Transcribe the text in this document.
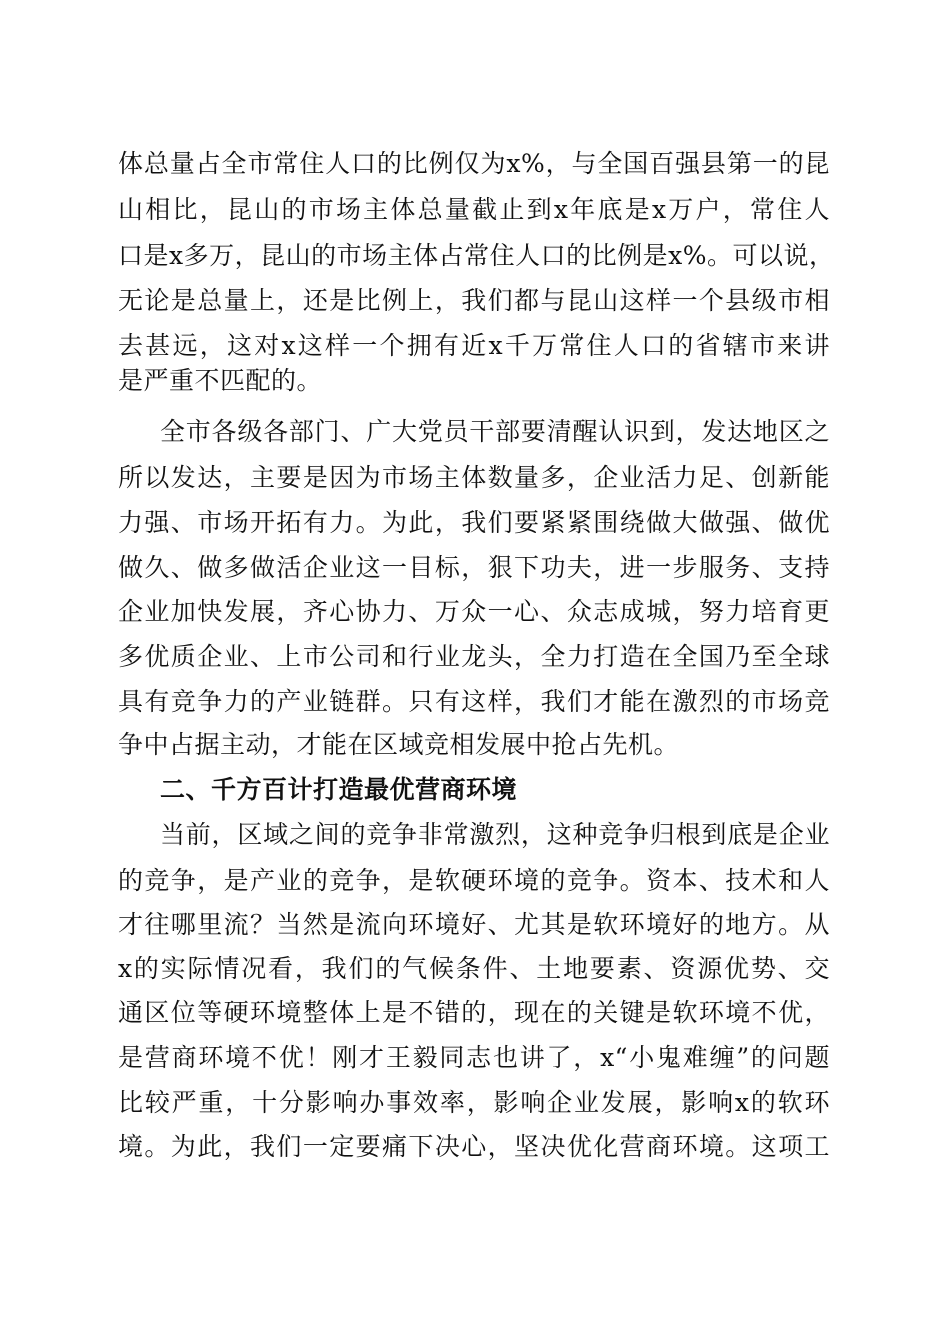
体总量占全市常住人口的比例仅为x%，与全国百强县第一的昆
山相比，昆山的市场主体总量截止到x年底是x万户，常住人
口是x多万，昆山的市场主体占常住人口的比例是x%。可以说，
无论是总量上，还是比例上，我们都与昆山这样一个县级市相
去甚远，这对x这样一个拥有近x千万常住人口的省辖市来讲
是严重不匹配的。
全市各级各部门、广大党员干部要清醒认识到，发达地区之
所以发达，主要是因为市场主体数量多，企业活力足、创新能
力强、市场开拓有力。为此，我们要紧紧围绕做大做强、做优
做久、做多做活企业这一目标，狠下功夫，进一步服务、支持
企业加快发展，齐心协力、万众一心、众志成城，努力培育更
多优质企业、上市公司和行业龙头，全力打造在全国乃至全球
具有竞争力的产业链群。只有这样，我们才能在激烈的市场竞
争中占据主动，才能在区域竞相发展中抢占先机。
二、千方百计打造最优营商环境
当前，区域之间的竞争非常激烈，这种竞争归根到底是企业
的竞争，是产业的竞争，是软硬环境的竞争。资本、技术和人
才往哪里流？当然是流向环境好、尤其是软环境好的地方。从
x的实际情况看，我们的气候条件、土地要素、资源优势、交
通区位等硬环境整体上是不错的，现在的关键是软环境不优，
是营商环境不优！刚才王毅同志也讲了，x“小鬼难缠”的问题
比较严重，十分影响办事效率，影响企业发展，影响x的软环
境。为此，我们一定要痛下决心，坚决优化营商环境。这项工
